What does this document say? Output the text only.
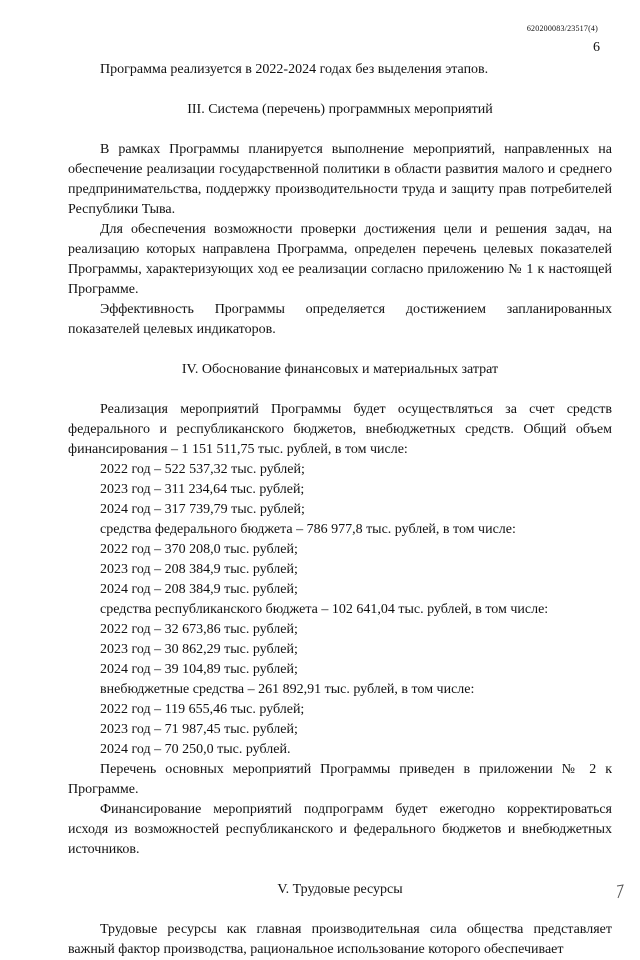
620200083/23517(4)
6

Программа реализуется в 2022-2024 годах без выделения этапов.

III. Система (перечень) программных мероприятий

В рамках Программы планируется выполнение мероприятий, направленных на обеспечение реализации государственной политики в области развития малого и среднего предпринимательства, поддержку производительности труда и защиту прав потребителей Республики Тыва.

Для обеспечения возможности проверки достижения цели и решения задач, на реализацию которых направлена Программа, определен перечень целевых показателей Программы, характеризующих ход ее реализации согласно приложению № 1 к настоящей Программе.

Эффективность Программы определяется достижением запланированных показателей целевых индикаторов.

IV. Обоснование финансовых и материальных затрат

Реализация мероприятий Программы будет осуществляться за счет средств федерального и республиканского бюджетов, внебюджетных средств. Общий объем финансирования – 1 151 511,75 тыс. рублей, в том числе:

2022 год – 522 537,32 тыс. рублей;

2023 год – 311 234,64 тыс. рублей;

2024 год – 317 739,79 тыс. рублей;

средства федерального бюджета – 786 977,8 тыс. рублей, в том числе:

2022 год – 370 208,0 тыс. рублей;

2023 год – 208 384,9 тыс. рублей;

2024 год – 208 384,9 тыс. рублей;

средства республиканского бюджета – 102 641,04 тыс. рублей, в том числе:

2022 год – 32 673,86 тыс. рублей;

2023 год – 30 862,29 тыс. рублей;

2024 год – 39 104,89 тыс. рублей;

внебюджетные средства – 261 892,91 тыс. рублей, в том числе:

2022 год – 119 655,46 тыс. рублей;

2023 год – 71 987,45 тыс. рублей;

2024 год – 70 250,0 тыс. рублей.

Перечень основных мероприятий Программы приведен в приложении № 2 к Программе.

Финансирование мероприятий подпрограмм будет ежегодно корректироваться исходя из возможностей республиканского и федерального бюджетов и внебюджетных источников.

V. Трудовые ресурсы

Трудовые ресурсы как главная производительная сила общества представляет важный фактор производства, рациональное использование которого обеспечивает
